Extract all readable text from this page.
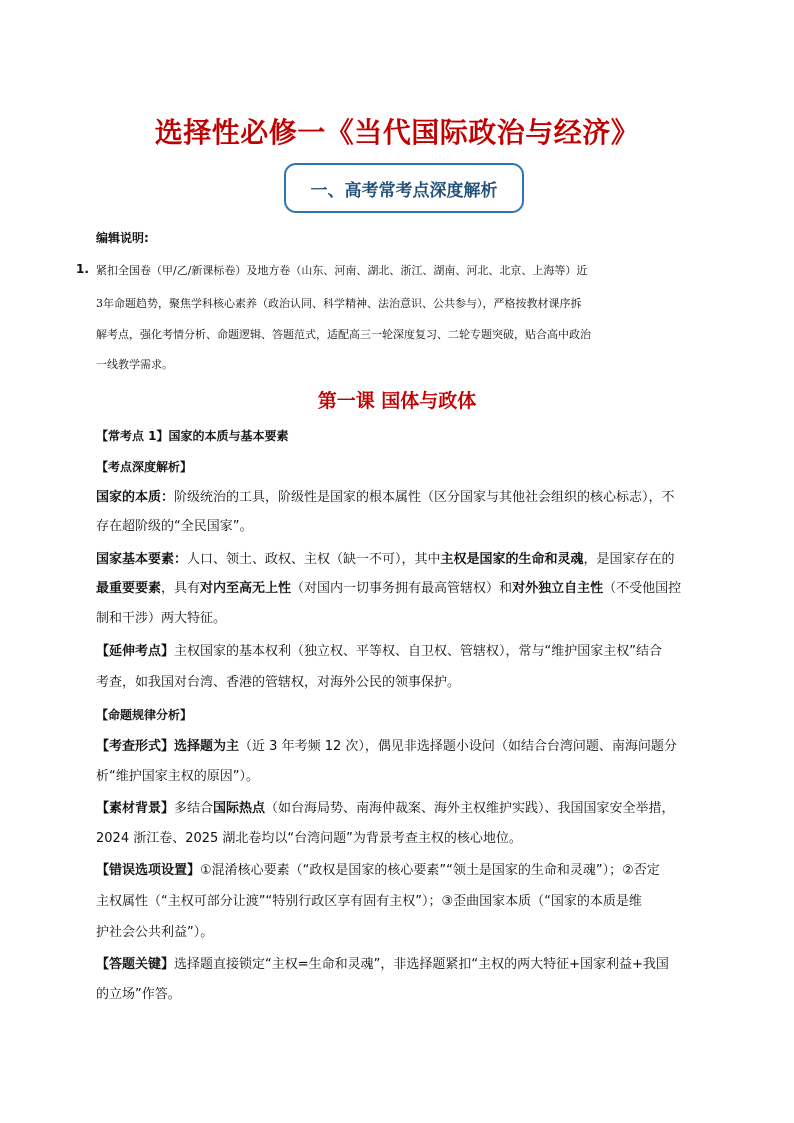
选择性必修一《当代国际政治与经济》
一、高考常考点深度解析
编辑说明:
1. 紧扣全国卷（甲/乙/新课标卷）及地方卷（山东、河南、湖北、浙江、湖南、河北、北京、上海等）近
3年命题趋势，聚焦学科核心素养（政治认同、科学精神、法治意识、公共参与），严格按教材课序拆
解考点，强化考情分析、命题逻辑、答题范式，适配高三一轮深度复习、二轮专题突破，贴合高中政治
一线教学需求。
第一课 国体与政体
【常考点 1】国家的本质与基本要素
【考点深度解析】
国家的本质：阶级统治的工具，阶级性是国家的根本属性（区分国家与其他社会组织的核心标志），不
存在超阶级的“全民国家”。
国家基本要素：人口、领土、政权、主权（缺一不可），其中主权是国家的生命和灵魂，是国家存在的
最重要要素，具有对内至高无上性（对国内一切事务拥有最高管辖权）和对外独立自主性（不受他国控
制和干涉）两大特征。
【延伸考点】主权国家的基本权利（独立权、平等权、自卫权、管辖权），常与“维护国家主权”结合
考查，如我国对台湾、香港的管辖权，对海外公民的领事保护。
【命题规律分析】
【考查形式】选择题为主（近 3 年考频 12 次），偶见非选择题小设问（如结合台湾问题、南海问题分
析“维护国家主权的原因”）。
【素材背景】多结合国际热点（如台海局势、南海仲裁案、海外主权维护实践）、我国国家安全举措，
2024 浙江卷、2025 湖北卷均以“台湾问题”为背景考查主权的核心地位。
【错误选项设置】①混淆核心要素（“政权是国家的核心要素”“领土是国家的生命和灵魂”）；②否定
主权属性（“主权可部分让渡”“特别行政区享有固有主权”）；③歪曲国家本质（“国家的本质是维
护社会公共利益”）。
【答题关键】选择题直接锁定“主权=生命和灵魂”，非选择题紧扣“主权的两大特征+国家利益+我国
的立场”作答。
